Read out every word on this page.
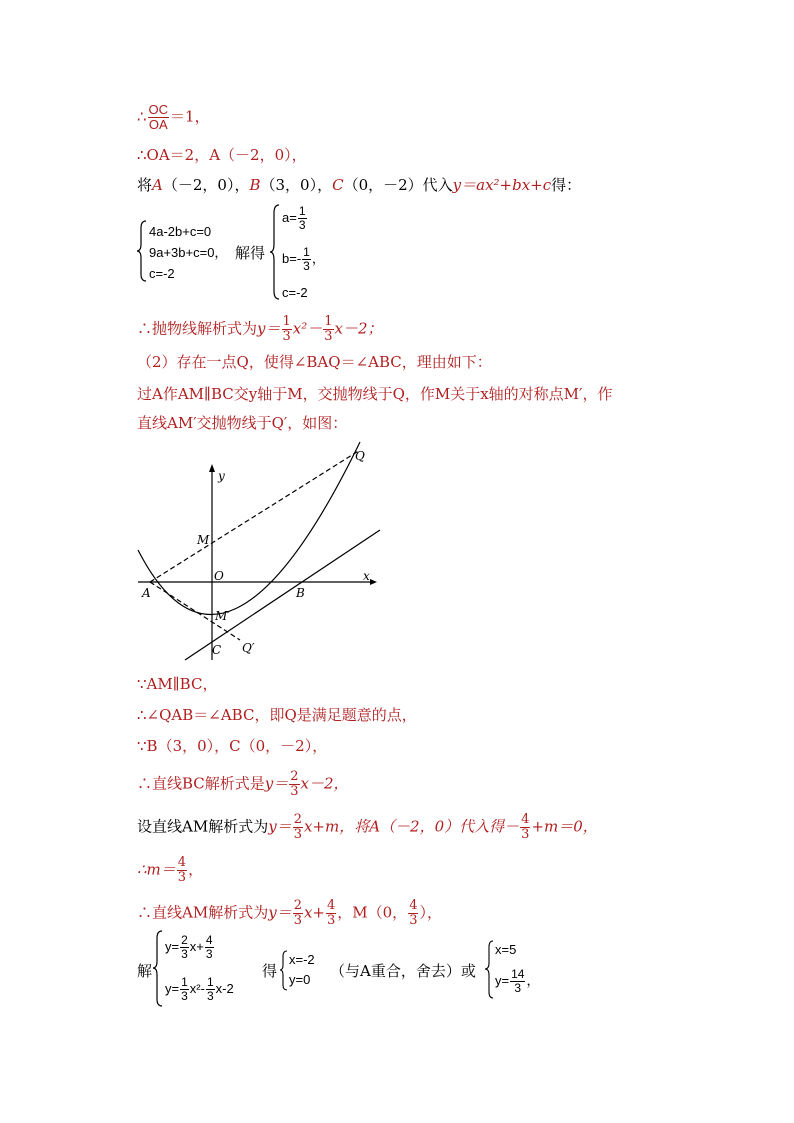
∴ $\frac{OC}{OA} =1$，
∴OA＝2，A（－2，0），
将A（－2，0），B（3，0），C（0，－2）代入y＝ax²+bx+c得：
4a-2b+c=0
9a+3b+c=0，
c=-2
解得
$a= \frac{1}{3}$
$b=- \frac{1}{3}$ ，
c=-2
∴抛物线解析式为$y= \frac{1}{3} x^2- \frac{1}{3} x-2$；
（2）存在一点Q，使得∠BAQ＝∠ABC，理由如下：
过A作AM∥BC交y轴于M，交抛物线于Q，作M关于x轴的对称点M′，作
直线AM′交抛物线于Q′，如图：
y
x
O
A	B
C
M
M′
Q
Q′
∵AM∥BC，
∴∠QAB＝∠ABC，即Q是满足题意的点，
∵B（3，0），C（0，－2），
∴直线BC解析式是$y= \frac{2}{3} x-2$，
设直线AM解析式为$y= \frac{2}{3} x+m$，将A（－2，0）代入得－ $\frac{4}{3} +m=0$，
∴m＝ $\frac{4}{3}$ ，
∴直线AM解析式为$y= \frac{2}{3} x+ \frac{4}{3}$ ，M（0， $\frac{4}{3}$ ），
解
$y= \frac{2}{3} x+ \frac{4}{3}$
$y= \frac{1}{3} x^2- \frac{1}{3} x-2$
得
x=-2
y=0 （与A重合，舍去）或
x=5
$y= \frac{14}{3}$ ，
